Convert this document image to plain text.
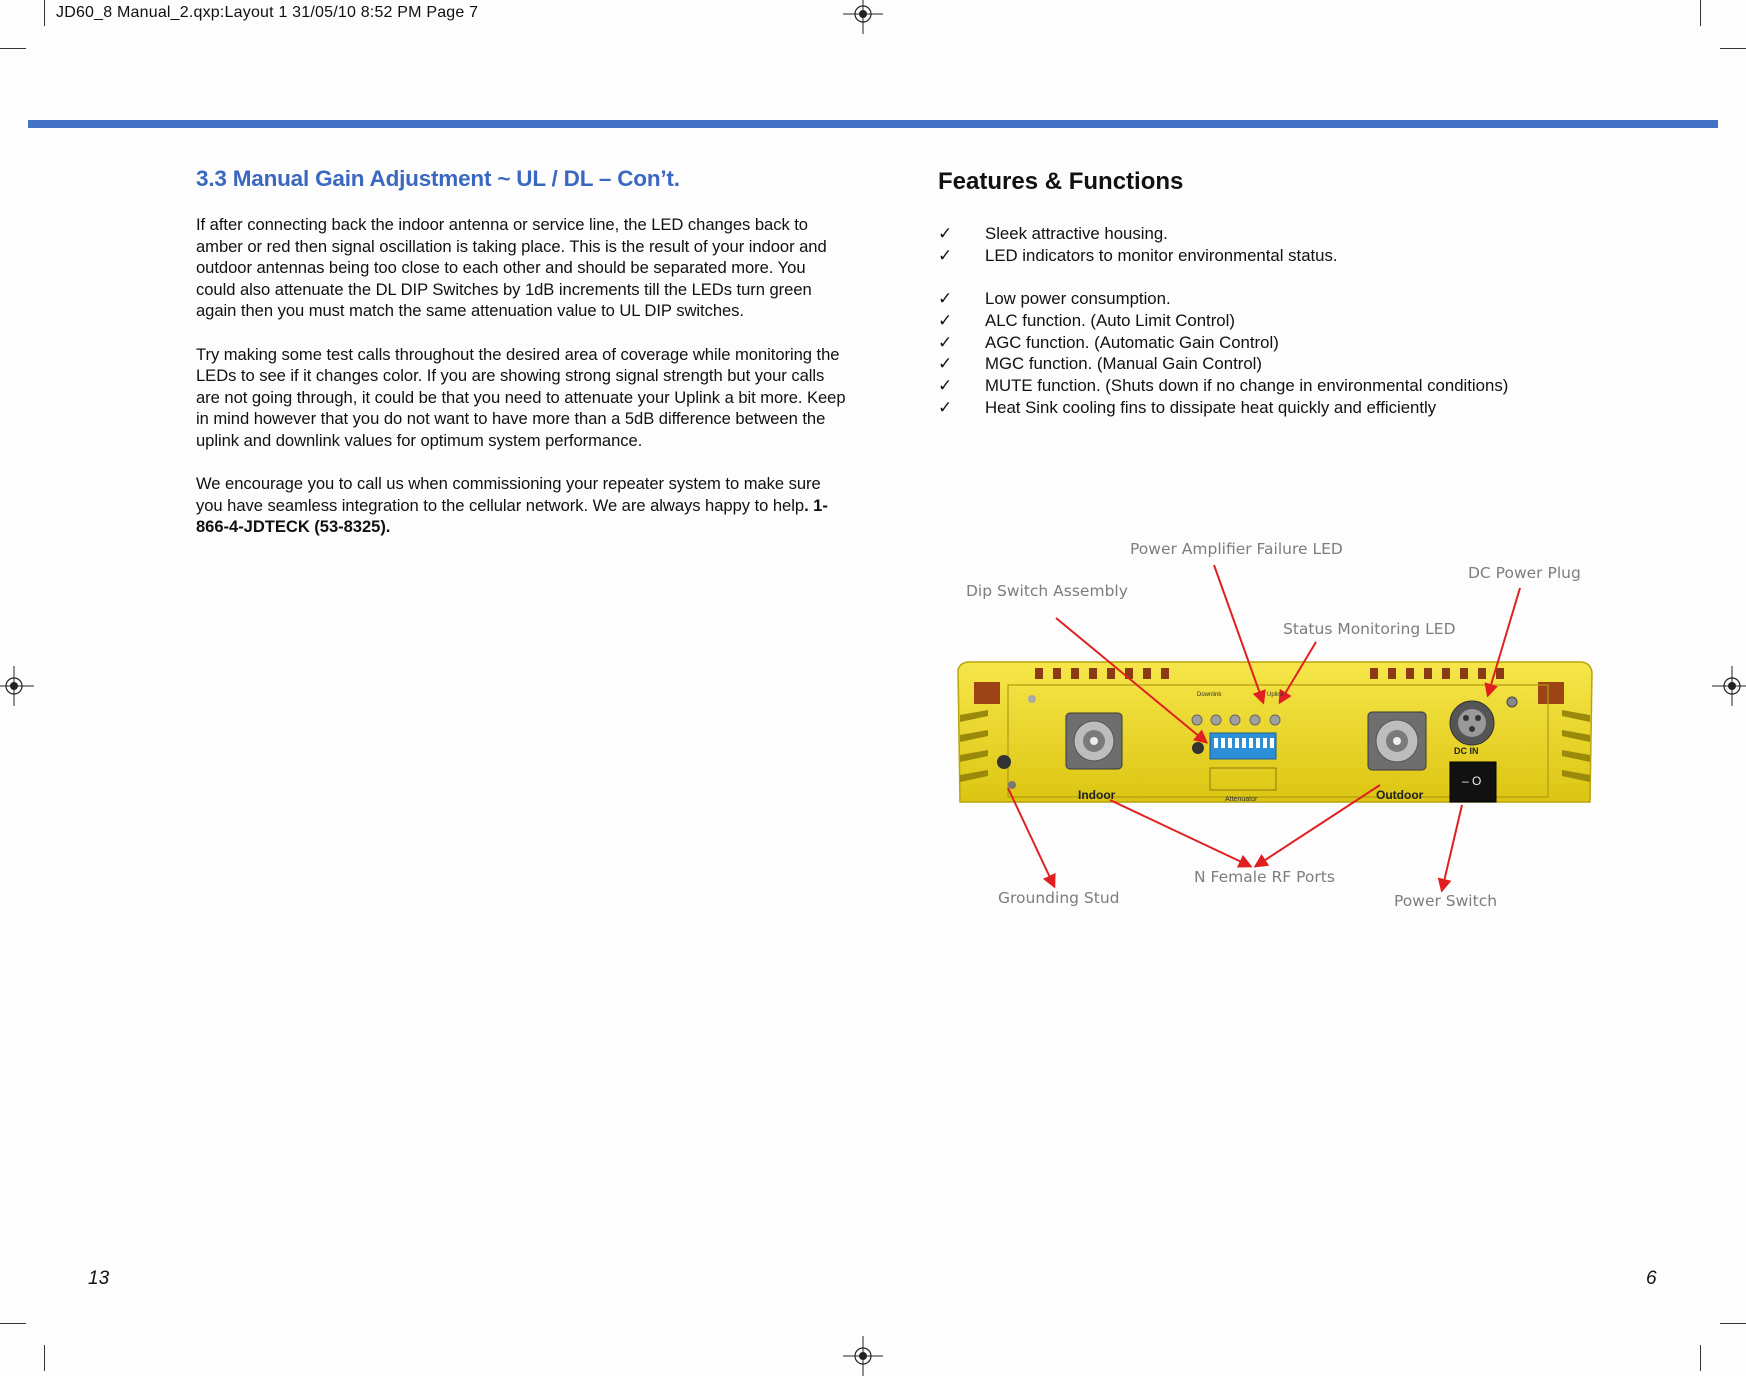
JD60_8 Manual_2.qxp:Layout 1 31/05/10 8:52 PM Page 7
3.3 Manual Gain Adjustment ~ UL / DL – Con’t.

If after connecting back the indoor antenna or service line, the LED changes back to amber or red then signal oscillation is taking place. This is the result of your indoor and outdoor antennas being too close to each other and should be separated more. You could also attenuate the DL DIP Switches by 1dB increments till the LEDs turn green again then you must match the same attenuation value to UL DIP switches.

Try making some test calls throughout the desired area of coverage while monitoring the LEDs to see if it changes color. If you are showing strong signal strength but your calls are not going through, it could be that you need to attenuate your Uplink a bit more. Keep in mind however that you do not want to have more than a 5dB difference between the uplink and downlink values for optimum system performance.

We encourage you to call us when commissioning your repeater system to make sure you have seamless integration to the cellular network. We are always happy to help. 1-866-4-JDTECK (53-8325).

Features & Functions
✓	Sleek attractive housing.
✓	LED indicators to monitor environmental status.
✓	Low power consumption.
✓	ALC function. (Auto Limit Control)
✓	AGC function. (Automatic Gain Control)
✓	MGC function. (Manual Gain Control)
✓	MUTE function. (Shuts down if no change in environmental conditions)
✓	Heat Sink cooling fins to dissipate heat quickly and efficiently
Indoor	Outdoor
DC IN
Downlink	Uplink
Attenuator
– O
Power Amplifier Failure LED
DC Power Plug
Dip Switch Assembly
Status Monitoring LED
Grounding Stud
N Female RF Ports
Power Switch
13	6
